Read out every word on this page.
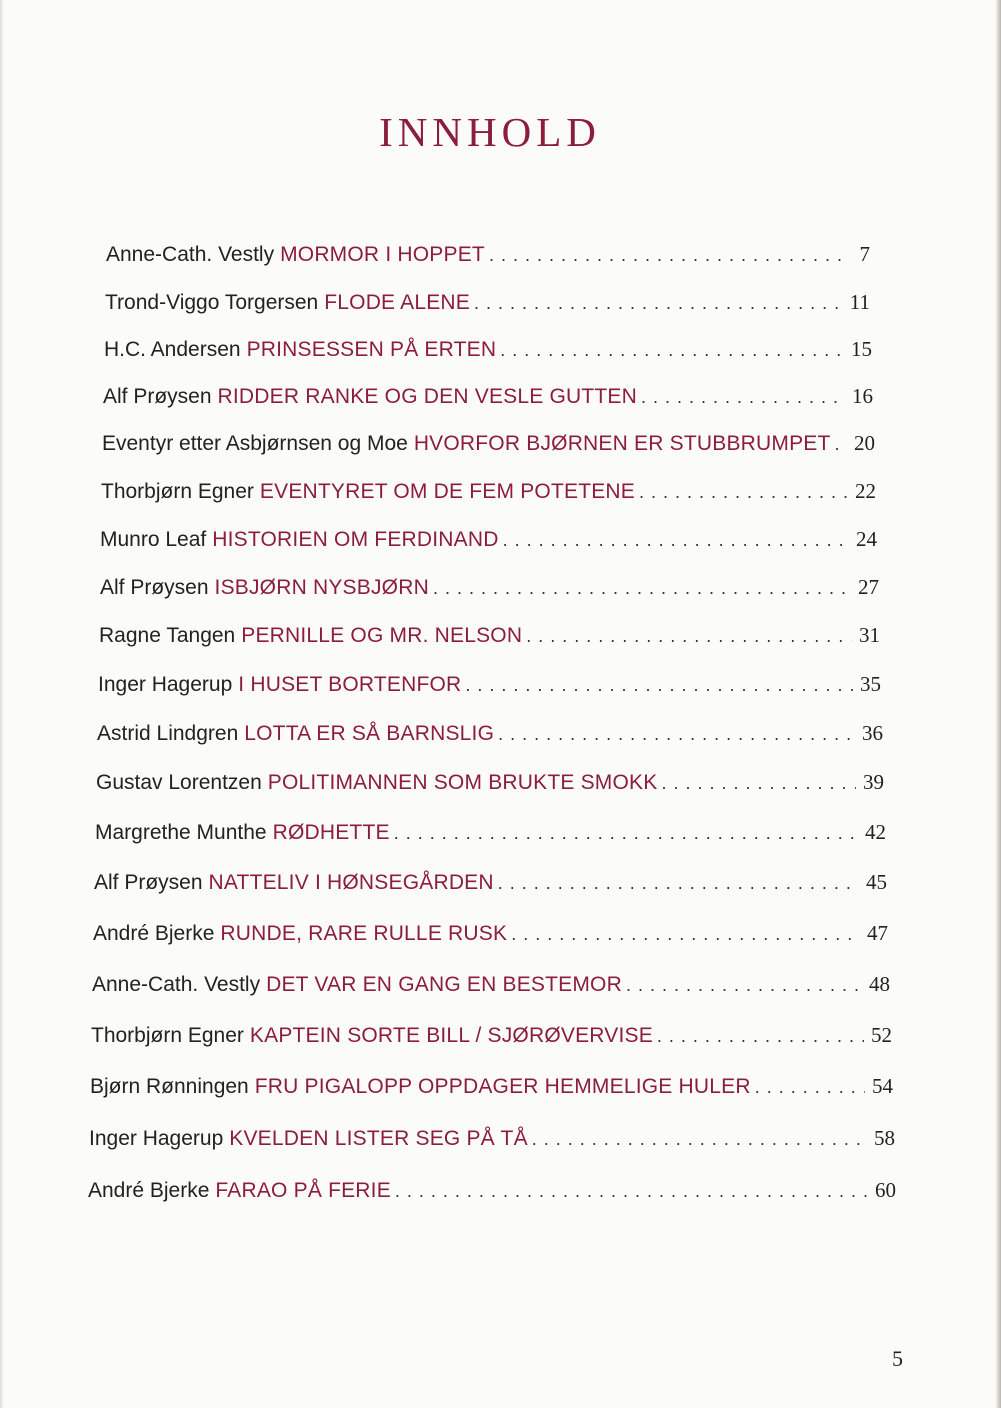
INNHOLD
Anne-Cath. Vestly MORMOR I HOPPET . . .	7
Trond-Viggo Torgersen FLODE ALENE . . .	11
H.C. Andersen PRINSESSEN PÅ ERTEN . . .	15
Alf Prøysen RIDDER RANKE OG DEN VESLE GUTTEN . . .	16
Eventyr etter Asbjørnsen og Moe HVORFOR BJØRNEN ER STUBBRUMPET . . . 20
Thorbjørn Egner EVENTYRET OM DE FEM POTETENE . . .	22
Munro Leaf HISTORIEN OM FERDINAND . . .	24
Alf Prøysen ISBJØRN NYSBJØRN . . .	27
Ragne Tangen PERNILLE OG MR. NELSON . . .	31
Inger Hagerup I HUSET BORTENFOR . . .	35
Astrid Lindgren LOTTA ER SÅ BARNSLIG . . .	36
Gustav Lorentzen POLITIMANNEN SOM BRUKTE SMOKK . . .	39
Margrethe Munthe RØDHETTE . . .	42
Alf Prøysen NATTELIV I HØNSEGÅRDEN . . .	45
André Bjerke RUNDE, RARE RULLE RUSK . . .	47
Anne-Cath. Vestly DET VAR EN GANG EN BESTEMOR . . .	48
Thorbjørn Egner KAPTEIN SORTE BILL / SJØRØVERVISE . . .	52
Bjørn Rønningen FRU PIGALOPP OPPDAGER HEMMELIGE HULER . . .	54
Inger Hagerup KVELDEN LISTER SEG PÅ TÅ . . .	58
André Bjerke FARAO PÅ FERIE . . .	60
5
